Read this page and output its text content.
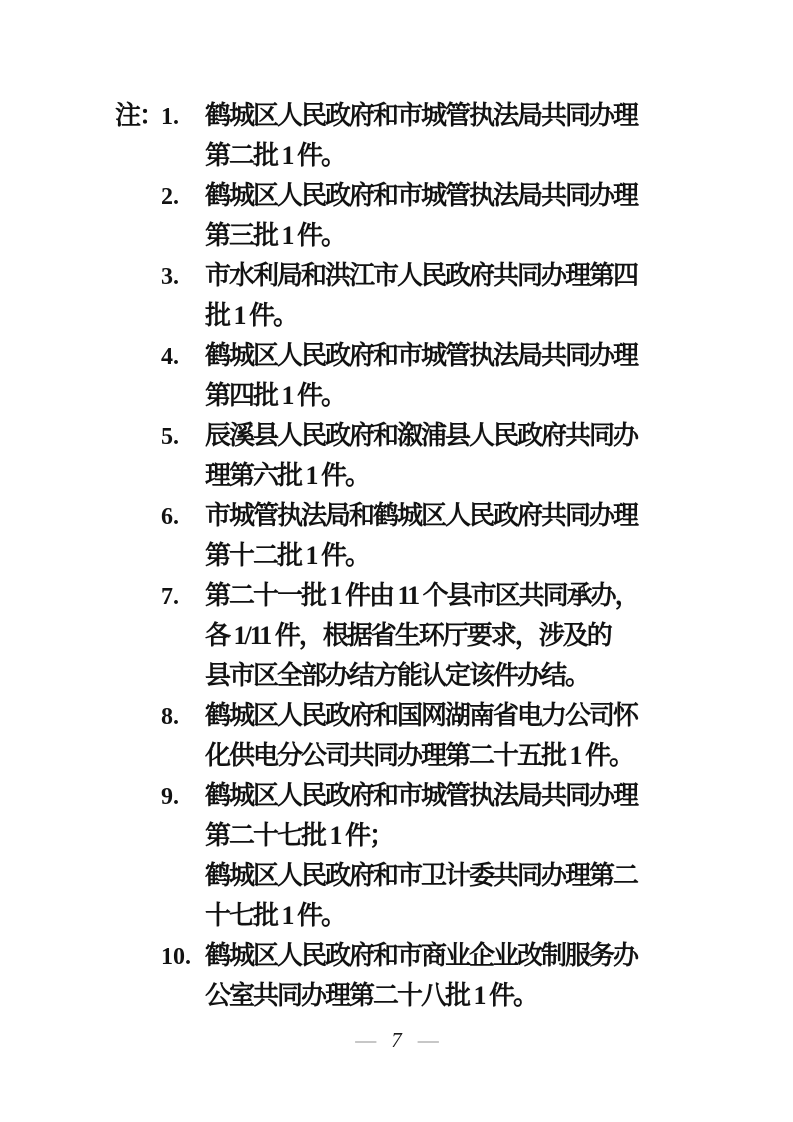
注：
1.	鹤城区人民政府和市城管执法局共同办理
第二批 1 件。
2.	鹤城区人民政府和市城管执法局共同办理
第三批 1 件。
3.	市水利局和洪江市人民政府共同办理第四
批 1 件。
4.	鹤城区人民政府和市城管执法局共同办理
第四批 1 件。
5.	辰溪县人民政府和溆浦县人民政府共同办
理第六批 1 件。
6.	市城管执法局和鹤城区人民政府共同办理
第十二批 1 件。
7.	第二十一批 1 件由 11 个县市区共同承办，
各 1/11 件，根据省生环厅要求，涉及的
县市区全部办结方能认定该件办结。
8.	鹤城区人民政府和国网湖南省电力公司怀
化供电分公司共同办理第二十五批 1 件。
9.	鹤城区人民政府和市城管执法局共同办理
第二十七批 1 件；
鹤城区人民政府和市卫计委共同办理第二
十七批 1 件。
10. 鹤城区人民政府和市商业企业改制服务办
公室共同办理第二十八批 1 件。
— 7 —
